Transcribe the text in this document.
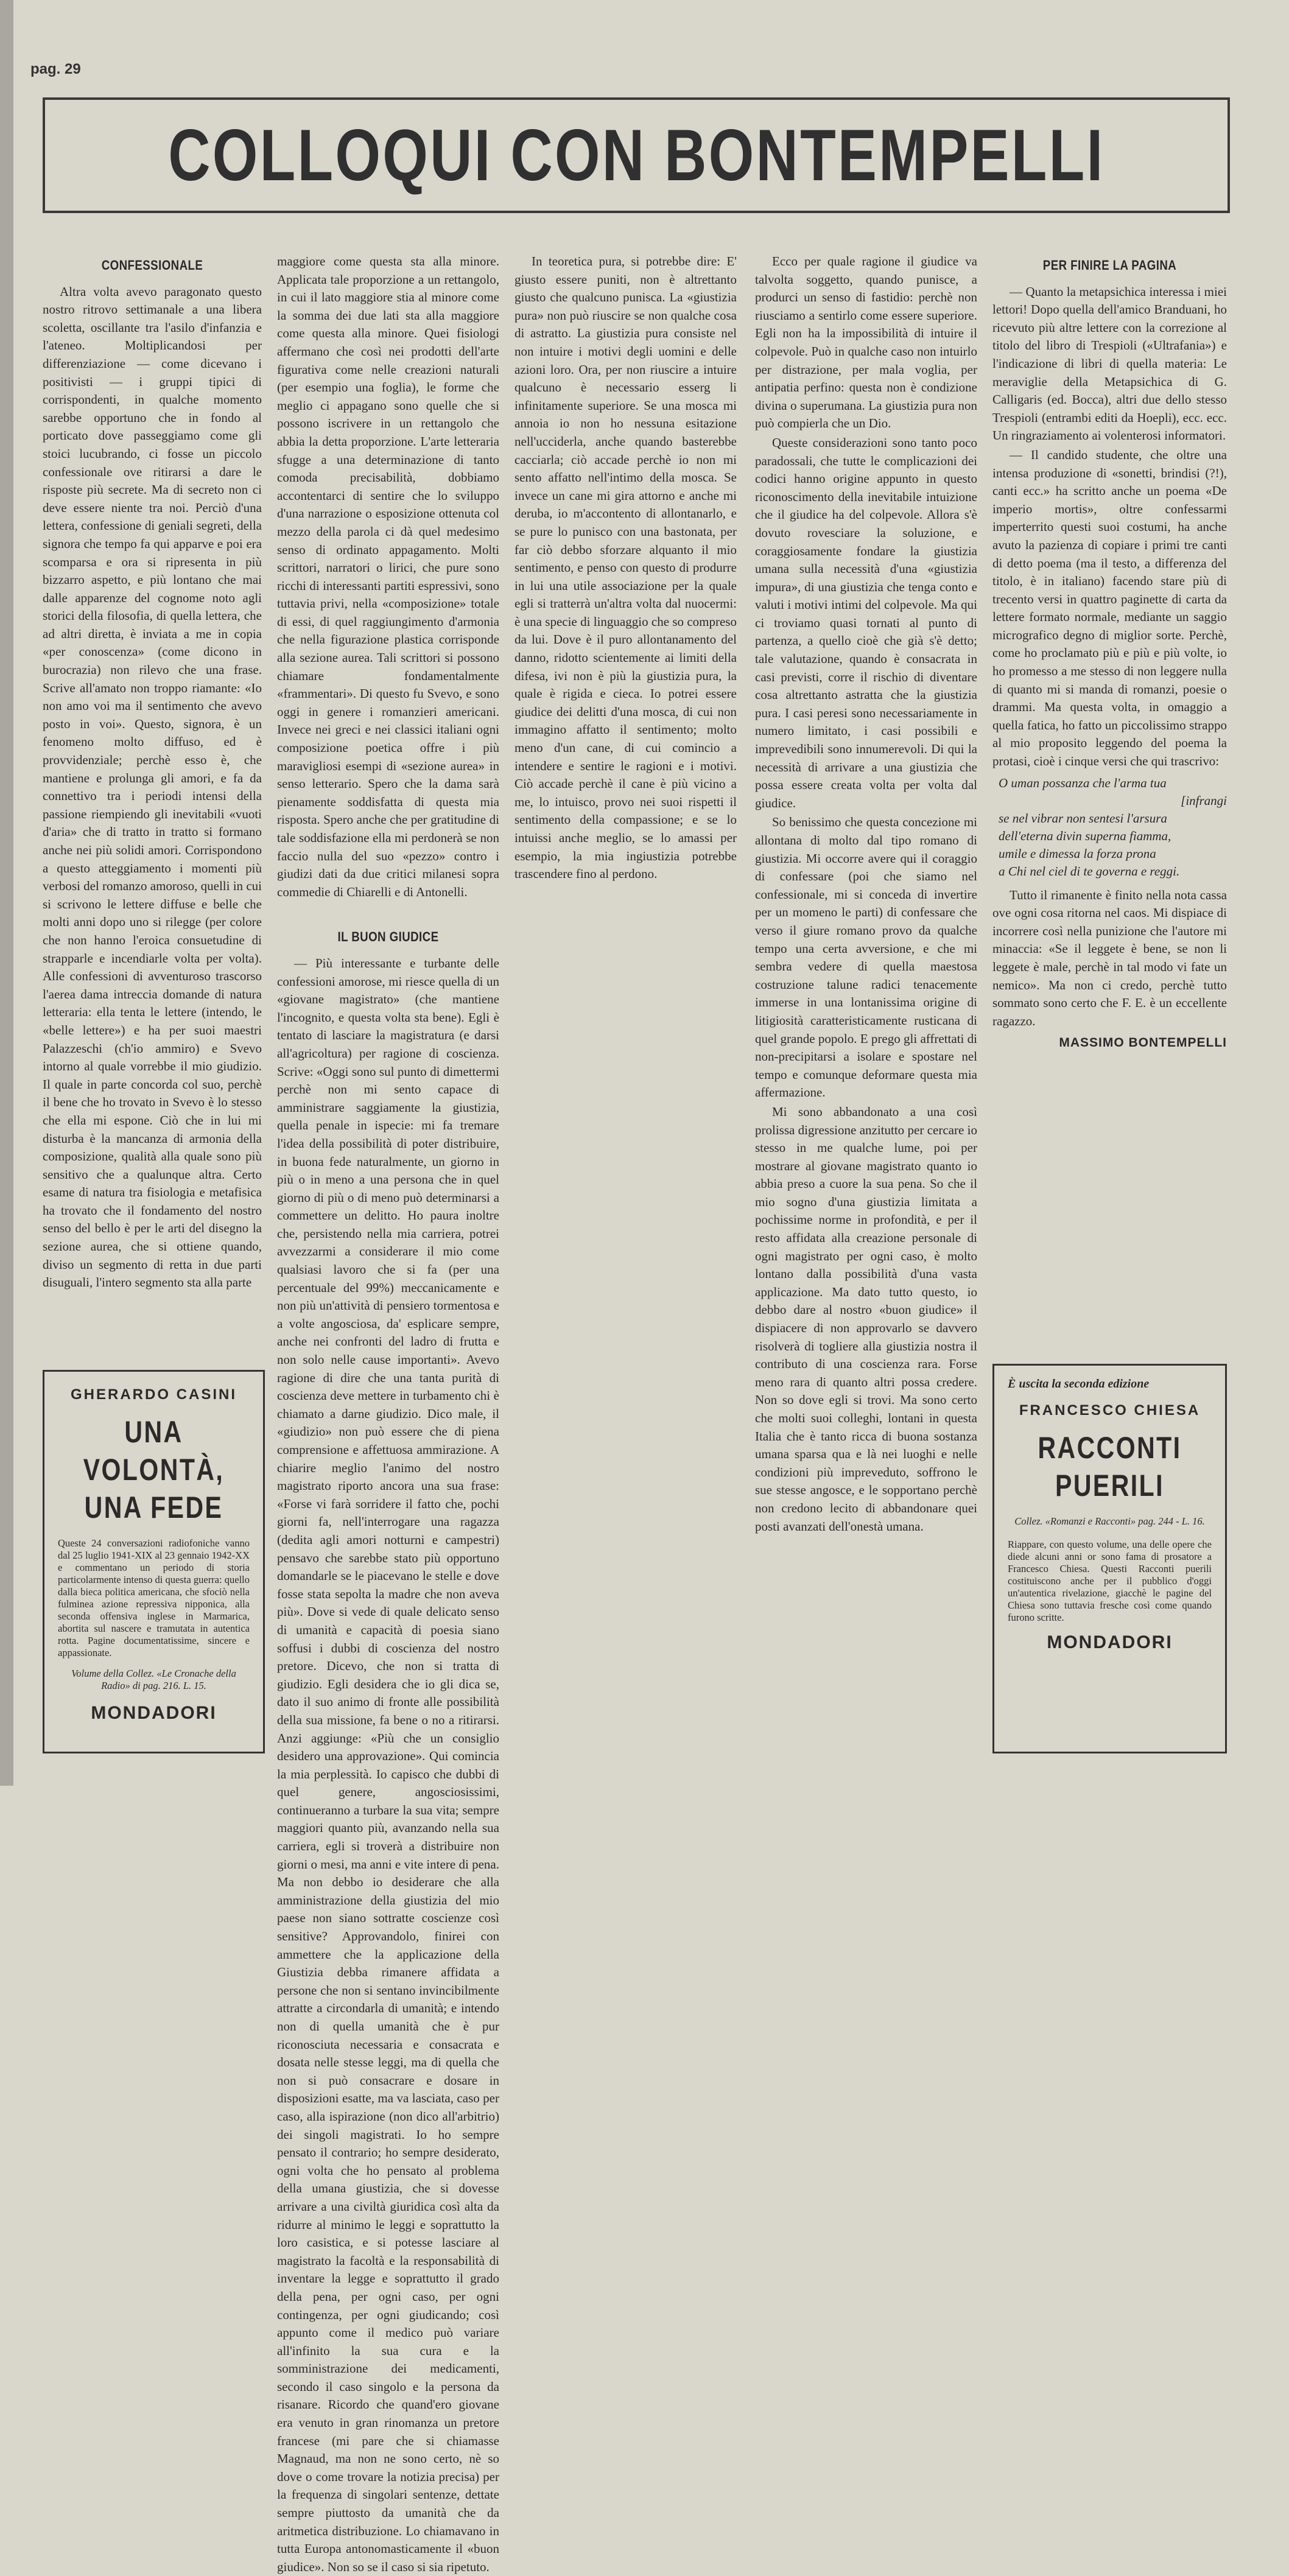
pag. 29
COLLOQUI CON BONTEMPELLI
CONFESSIONALE

Altra volta avevo paragonato questo nostro ritrovo settimanale a una libera scoletta, oscillante tra l'asilo d'infanzia e l'ateneo. Moltiplicandosi per differenziazione — come dicevano i positivisti — i gruppi tipici di corrispondenti, in qualche momento sarebbe opportuno che in fondo al porticato dove passeggiamo come gli stoici lucubrando, ci fosse un piccolo confessionale ove ritirarsi a dare le risposte più secrete. Ma di secreto non ci deve essere niente tra noi. Perciò d'una lettera, confessione di geniali segreti, della signora che tempo fa qui apparve e poi era scomparsa e ora si ripresenta in più bizzarro aspetto, e più lontano che mai dalle apparenze del cognome noto agli storici della filosofia, di quella lettera, che ad altri diretta, è inviata a me in copia «per conoscenza» (come dicono in burocrazia) non rilevo che una frase. Scrive all'amato non troppo riamante: «Io non amo voi ma il sentimento che avevo posto in voi». Questo, signora, è un fenomeno molto diffuso, ed è provvidenziale; perchè esso è, che mantiene e prolunga gli amori, e fa da connettivo tra i periodi intensi della passione riempiendo gli inevitabili «vuoti d'aria» che di tratto in tratto si formano anche nei più solidi amori. Corrispondono a questo atteggiamento i momenti più verbosi del romanzo amoroso, quelli in cui si scrivono le lettere diffuse e belle che molti anni dopo uno si rilegge (per colore che non hanno l'eroica consuetudine di strapparle e incendiarle volta per volta). Alle confessioni di avventuroso trascorso l'aerea dama intreccia domande di natura letteraria: ella tenta le lettere (intendo, le «belle lettere») e ha per suoi maestri Palazzeschi (ch'io ammiro) e Svevo intorno al quale vorrebbe il mio giudizio. Il quale in parte concorda col suo, perchè il bene che ho trovato in Svevo è lo stesso che ella mi espone. Ciò che in lui mi disturba è la mancanza di armonia della composizione, qualità alla quale sono più sensitivo che a qualunque altra. Certo esame di natura tra fisiologia e metafisica ha trovato che il fondamento del nostro senso del bello è per le arti del disegno la sezione aurea, che si ottiene quando, diviso un segmento di retta in due parti disuguali, l'intero segmento sta alla parte

maggiore come questa sta alla minore. Applicata tale proporzione a un rettangolo, in cui il lato maggiore stia al minore come la somma dei due lati sta alla maggiore come questa alla minore. Quei fisiologi affermano che così nei prodotti dell'arte figurativa come nelle creazioni naturali (per esempio una foglia), le forme che meglio ci appagano sono quelle che si possono iscrivere in un rettangolo che abbia la detta proporzione. L'arte letteraria sfugge a una determinazione di tanto comoda precisabilità, dobbiamo accontentarci di sentire che lo sviluppo d'una narrazione o esposizione ottenuta col mezzo della parola ci dà quel medesimo senso di ordinato appagamento. Molti scrittori, narratori o lirici, che pure sono ricchi di interessanti partiti espressivi, sono tuttavia privi, nella «composizione» totale di essi, di quel raggiungimento d'armonia che nella figurazione plastica corrisponde alla sezione aurea. Tali scrittori si possono chiamare fondamentalmente «frammentari». Di questo fu Svevo, e sono oggi in genere i romanzieri americani. Invece nei greci e nei classici italiani ogni composizione poetica offre i più maravigliosi esempi di «sezione aurea» in senso letterario. Spero che la dama sarà pienamente soddisfatta di questa mia risposta. Spero anche che per gratitudine di tale soddisfazione ella mi perdonerà se non faccio nulla del suo «pezzo» contro i giudizi dati da due critici milanesi sopra commedie di Chiarelli e di Antonelli.

IL BUON GIUDICE

— Più interessante e turbante delle confessioni amorose, mi riesce quella di un «giovane magistrato» (che mantiene l'incognito, e questa volta sta bene). Egli è tentato di lasciare la magistratura (e darsi all'agricoltura) per ragione di coscienza. Scrive: «Oggi sono sul punto di dimettermi perchè non mi sento capace di amministrare saggiamente la giustizia, quella penale in ispecie: mi fa tremare l'idea della possibilità di poter distribuire, in buona fede naturalmente, un giorno in più o in meno a una persona che in quel giorno di più o di meno può determinarsi a commettere un delitto. Ho paura inoltre che, persistendo nella mia carriera, potrei avvezzarmi a considerare il mio come qualsiasi lavoro che si fa (per una percentuale del 99%) meccanicamente e non più un'attività di pensiero tormentosa e a volte angosciosa, da' esplicare sempre, anche nei confronti del ladro di frutta e non solo nelle cause importanti». Avevo ragione di dire che una tanta purità di coscienza deve mettere in turbamento chi è chiamato a darne giudizio. Dico male, il «giudizio» non può essere che di piena comprensione e affettuosa ammirazione. A chiarire meglio l'animo del nostro magistrato riporto ancora una sua frase: «Forse vi farà sorridere il fatto che, pochi giorni fa, nell'interrogare una ragazza (dedita agli amori notturni e campestri) pensavo che sarebbe stato più opportuno domandarle se le piacevano le stelle e dove fosse stata sepolta la madre che non aveva più». Dove si vede di quale delicato senso di umanità e capacità di poesia siano soffusi i dubbi di coscienza del nostro pretore. Dicevo, che non si tratta di giudizio. Egli desidera che io gli dica se, dato il suo animo di fronte alle possibilità della sua missione, fa bene o no a ritirarsi. Anzi aggiunge: «Più che un consiglio desidero una approvazione». Qui comincia la mia perplessità. Io capisco che dubbi di quel genere, angosciosissimi, continueranno a turbare la sua vita; sempre maggiori quanto più, avanzando nella sua carriera, egli si troverà a distribuire non giorni o mesi, ma anni e vite intere di pena. Ma non debbo io desiderare che alla amministrazione della giustizia del mio paese non siano sottratte coscienze così sensitive? Approvandolo, finirei con ammettere che la applicazione della Giustizia debba rimanere affidata a persone che non si sentano invincibilmente attratte a circondarla di umanità; e intendo non di quella umanità che è pur riconosciuta necessaria e consacrata e dosata nelle stesse leggi, ma di quella che non si può consacrare e dosare in disposizioni esatte, ma va lasciata, caso per caso, alla ispirazione (non dico all'arbitrio) dei singoli magistrati. Io ho sempre pensato il contrario; ho sempre desiderato, ogni volta che ho pensato al problema della umana giustizia, che si dovesse arrivare a una civiltà giuridica così alta da ridurre al minimo le leggi e soprattutto la loro casistica, e si potesse lasciare al magistrato la facoltà e la responsabilità di inventare la legge e soprattutto il grado della pena, per ogni caso, per ogni contingenza, per ogni giudicando; così appunto come il medico può variare all'infinito la sua cura e la somministrazione dei medicamenti, secondo il caso singolo e la persona da risanare. Ricordo che quand'ero giovane era venuto in gran rinomanza un pretore francese (mi pare che si chiamasse Magnaud, ma non ne sono certo, nè so dove o come trovare la notizia precisa) per la frequenza di singolari sentenze, dettate sempre piuttosto da umanità che da aritmetica distribuzione. Lo chiamavano in tutta Europa antonomasticamente il «buon giudice». Non so se il caso si sia ripetuto.

In teoretica pura, si potrebbe dire: E' giusto essere puniti, non è altrettanto giusto che qualcuno punisca. La «giustizia pura» non può riuscire se non qualche cosa di astratto. La giustizia pura consiste nel non intuire i motivi degli uomini e delle azioni loro. Ora, per non riuscire a intuire qualcuno è necessario esserg li infinitamente superiore. Se una mosca mi annoia io non ho nessuna esitazione nell'ucciderla, anche quando basterebbe cacciarla; ciò accade perchè io non mi sento affatto nell'intimo della mosca. Se invece un cane mi gira attorno e anche mi deruba, io m'accontento di allontanarlo, e se pure lo punisco con una bastonata, per far ciò debbo sforzare alquanto il mio sentimento, e penso con questo di produrre in lui una utile associazione per la quale egli si tratterrà un'altra volta dal nuocermi: è una specie di linguaggio che so compreso da lui. Dove è il puro allontanamento del danno, ridotto scientemente ai limiti della difesa, ivi non è più la giustizia pura, la quale è rigida e cieca. Io potrei essere giudice dei delitti d'una mosca, di cui non immagino affatto il sentimento; molto meno d'un cane, di cui comincio a intendere e sentire le ragioni e i motivi. Ciò accade perchè il cane è più vicino a me, lo intuisco, provo nei suoi rispetti il sentimento della compassione; e se lo intuissi anche meglio, se lo amassi per esempio, la mia ingiustizia potrebbe trascendere fino al perdono.

Ecco per quale ragione il giudice va talvolta soggetto, quando punisce, a produrci un senso di fastidio: perchè non riusciamo a sentirlo come essere superiore. Egli non ha la impossibilità di intuire il colpevole. Può in qualche caso non intuirlo per distrazione, per mala voglia, per antipatia perfino: questa non è condizione divina o superumana. La giustizia pura non può compierla che un Dio.

Queste considerazioni sono tanto poco paradossali, che tutte le complicazioni dei codici hanno origine appunto in questo riconoscimento della inevitabile intuizione che il giudice ha del colpevole. Allora s'è dovuto rovesciare la soluzione, e coraggiosamente fondare la giustizia umana sulla necessità d'una «giustizia impura», di una giustizia che tenga conto e valuti i motivi intimi del colpevole. Ma qui ci troviamo quasi tornati al punto di partenza, a quello cioè che già s'è detto; tale valutazione, quando è consacrata in casi previsti, corre il rischio di diventare cosa altrettanto astratta che la giustizia pura. I casi peresi sono necessariamente in numero limitato, i casi possibili e imprevedibili sono innumerevoli. Di qui la necessità di arrivare a una giustizia che possa essere creata volta per volta dal giudice.

So benissimo che questa concezione mi allontana di molto dal tipo romano di giustizia. Mi occorre avere qui il coraggio di confessare (poi che siamo nel confessionale, mi si conceda di invertire per un momeno le parti) di confessare che verso il giure romano provo da qualche tempo una certa avversione, e che mi sembra vedere di quella maestosa costruzione talune radici tenacemente immerse in una lontanissima origine di litigiosità caratteristicamente rusticana di quel grande popolo. E prego gli affrettati di non-precipitarsi a isolare e spostare nel tempo e comunque deformare questa mia affermazione.

Mi sono abbandonato a una così prolissa digressione anzitutto per cercare io stesso in me qualche lume, poi per mostrare al giovane magistrato quanto io abbia preso a cuore la sua pena. So che il mio sogno d'una giustizia limitata a pochissime norme in profondità, e per il resto affidata alla creazione personale di ogni magistrato per ogni caso, è molto lontano dalla possibilità d'una vasta applicazione. Ma dato tutto questo, io debbo dare al nostro «buon giudice» il dispiacere di non approvarlo se davvero risolverà di togliere alla giustizia nostra il contributo di una coscienza rara. Forse meno rara di quanto altri possa credere. Non so dove egli si trovi. Ma sono certo che molti suoi colleghi, lontani in questa Italia che è tanto ricca di buona sostanza umana sparsa qua e là nei luoghi e nelle condizioni più impreveduto, soffrono le sue stesse angosce, e le sopportano perchè non credono lecito di abbandonare quei posti avanzati dell'onestà umana.

PER FINIRE LA PAGINA

— Quanto la metapsichica interessa i miei lettori! Dopo quella dell'amico Branduani, ho ricevuto più altre lettere con la correzione al titolo del libro di Trespioli («Ultrafania») e l'indicazione di libri di quella materia: Le meraviglie della Metapsichica di G. Calligaris (ed. Bocca), altri due dello stesso Trespioli (entrambi editi da Hoepli), ecc. ecc. Un ringraziamento ai volenterosi informatori.

— Il candido studente, che oltre una intensa produzione di «sonetti, brindisi (?!), canti ecc.» ha scritto anche un poema «De imperio mortis», oltre confessarmi imperterrito questi suoi costumi, ha anche avuto la pazienza di copiare i primi tre canti di detto poema (ma il testo, a differenza del titolo, è in italiano) facendo stare più di trecento versi in quattro paginette di carta da lettere formato normale, mediante un saggio micrografico degno di miglior sorte. Perchè, come ho proclamato più e più e più volte, io ho promesso a me stesso di non leggere nulla di quanto mi si manda di romanzi, poesie o drammi. Ma questa volta, in omaggio a quella fatica, ho fatto un piccolissimo strappo al mio proposito leggendo del poema la protasi, cioè i cinque versi che qui trascrivo:

O uman possanza che l'arma tua
[infrangi
se nel vibrar non sentesi l'arsura
dell'eterna divin superna fiamma,
umile e dimessa la forza prona
a Chi nel ciel di te governa e reggi.

Tutto il rimanente è finito nella nota cassa ove ogni cosa ritorna nel caos. Mi dispiace di incorrere così nella punizione che l'autore mi minaccia: «Se il leggete è bene, se non li leggete è male, perchè in tal modo vi fate un nemico». Ma non ci credo, perchè tutto sommato sono certo che F. E. è un eccellente ragazzo.

MASSIMO BONTEMPELLI

GHERARDO CASINI
UNA VOLONTÀ, UNA FEDE
Queste 24 conversazioni radiofoniche vanno dal 25 luglio 1941-XIX al 23 gennaio 1942-XX e commentano un periodo di storia particolarmente intenso di questa guerra: quello dalla bieca politica americana, che sfociò nella fulminea azione repressiva nipponica, alla seconda offensiva inglese in Marmarica, abortita sul nascere e tramutata in autentica rotta. Pagine documentatissime, sincere e appassionate.
Volume della Collez. «Le Cronache della Radio» di pag. 216. L. 15.
MONDADORI
È uscita la seconda edizione
FRANCESCO CHIESA
RACCONTI PUERILI
Collez. «Romanzi e Racconti» pag. 244 - L. 16.
Riappare, con questo volume, una delle opere che diede alcuni anni or sono fama di prosatore a Francesco Chiesa. Questi Racconti puerili costituiscono anche per il pubblico d'oggi un'autentica rivelazione, giacchè le pagine del Chiesa sono tuttavia fresche così come quando furono scritte.
MONDADORI
